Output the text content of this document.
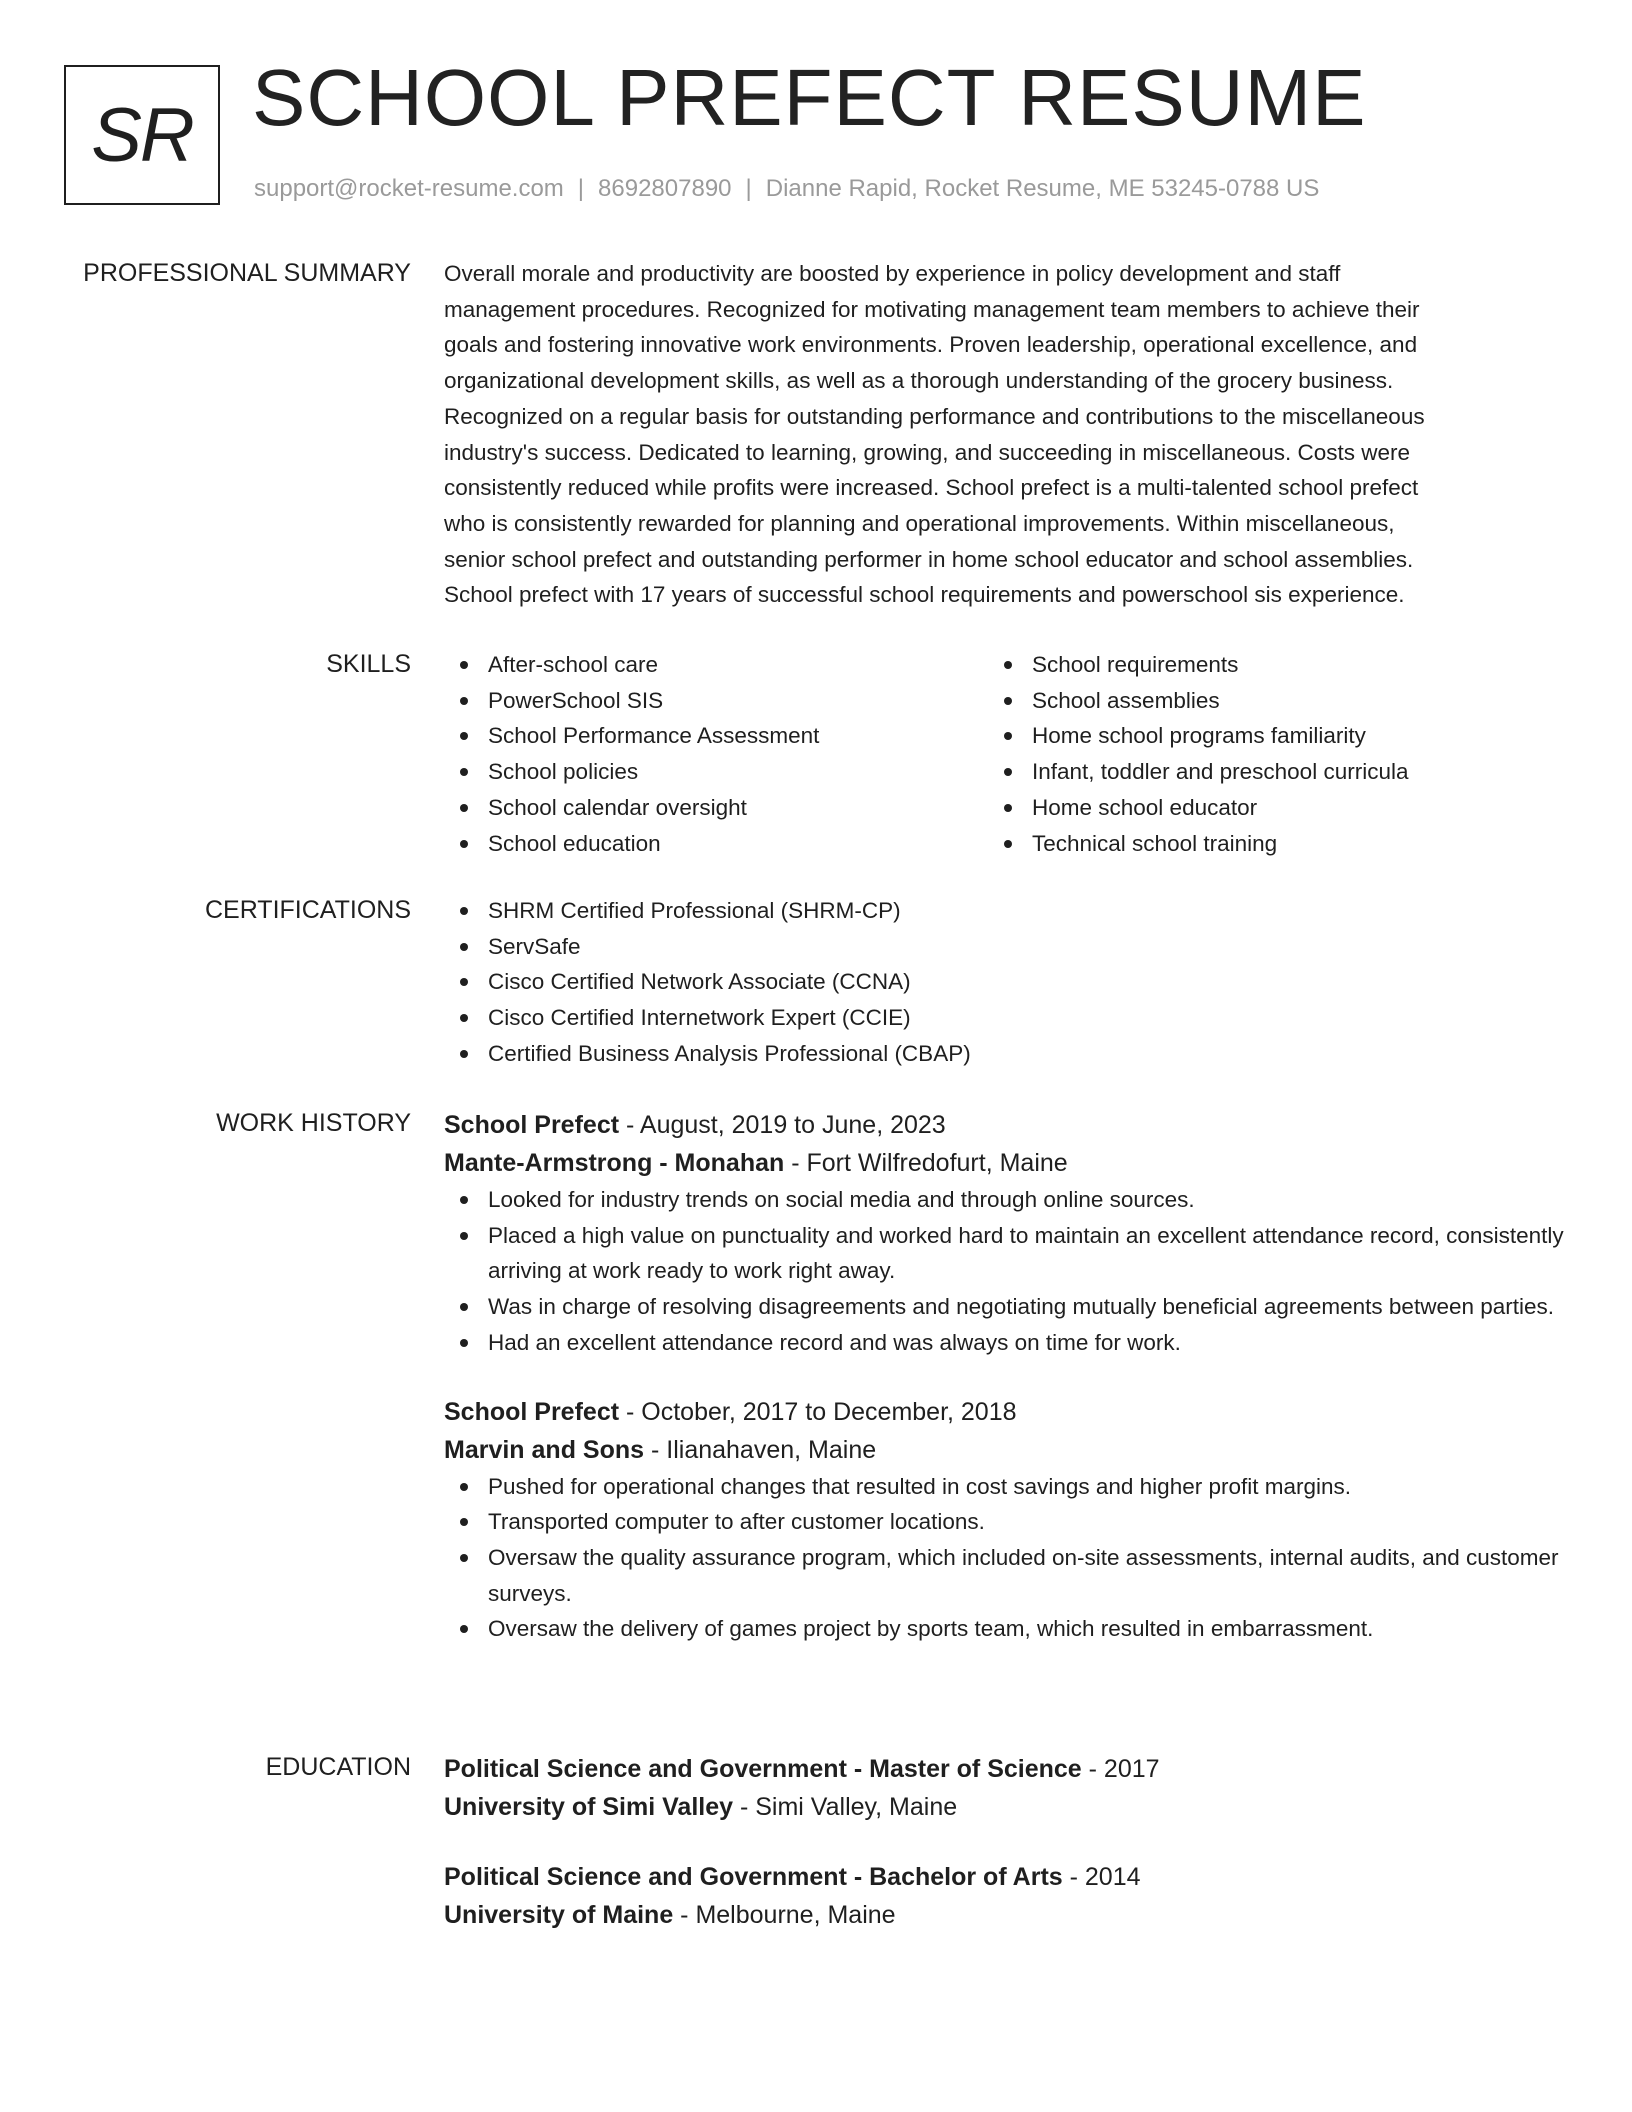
SR SCHOOL PREFECT RESUME
support@rocket-resume.com | 8692807890 | Dianne Rapid, Rocket Resume, ME 53245-0788 US
PROFESSIONAL SUMMARY Overall morale and productivity are boosted by experience in policy development and staff
management procedures. Recognized for motivating management team members to achieve their
goals and fostering innovative work environments. Proven leadership, operational excellence, and
organizational development skills, as well as a thorough understanding of the grocery business.
Recognized on a regular basis for outstanding performance and contributions to the miscellaneous
industry's success. Dedicated to learning, growing, and succeeding in miscellaneous. Costs were
consistently reduced while profits were increased. School prefect is a multi-talented school prefect
who is consistently rewarded for planning and operational improvements. Within miscellaneous,
senior school prefect and outstanding performer in home school educator and school assemblies.
School prefect with 17 years of successful school requirements and powerschool sis experience.

SKILLS	After-school care
PowerSchool SIS
School Performance Assessment
School policies
School calendar oversight
School education
School requirements
School assemblies
Home school programs familiarity
Infant, toddler and preschool curricula
Home school educator
Technical school training
CERTIFICATIONS	SHRM Certified Professional (SHRM-CP)
ServSafe
Cisco Certified Network Associate (CCNA)
Cisco Certified Internetwork Expert (CCIE)
Certified Business Analysis Professional (CBAP)
WORK HISTORY School Prefect - August, 2019 to June, 2023
Mante-Armstrong - Monahan - Fort Wilfredofurt, Maine
Looked for industry trends on social media and through online sources.
Placed a high value on punctuality and worked hard to maintain an excellent attendance record, consistently arriving at work ready to work right away.
Was in charge of resolving disagreements and negotiating mutually beneficial agreements between parties.
Had an excellent attendance record and was always on time for work.
School Prefect - October, 2017 to December, 2018
Marvin and Sons - Ilianahaven, Maine
Pushed for operational changes that resulted in cost savings and higher profit margins.
Transported computer to after customer locations.
Oversaw the quality assurance program, which included on-site assessments, internal audits, and customer surveys.
Oversaw the delivery of games project by sports team, which resulted in embarrassment.
EDUCATION Political Science and Government - Master of Science - 2017
University of Simi Valley - Simi Valley, Maine
Political Science and Government - Bachelor of Arts - 2014
University of Maine - Melbourne, Maine
